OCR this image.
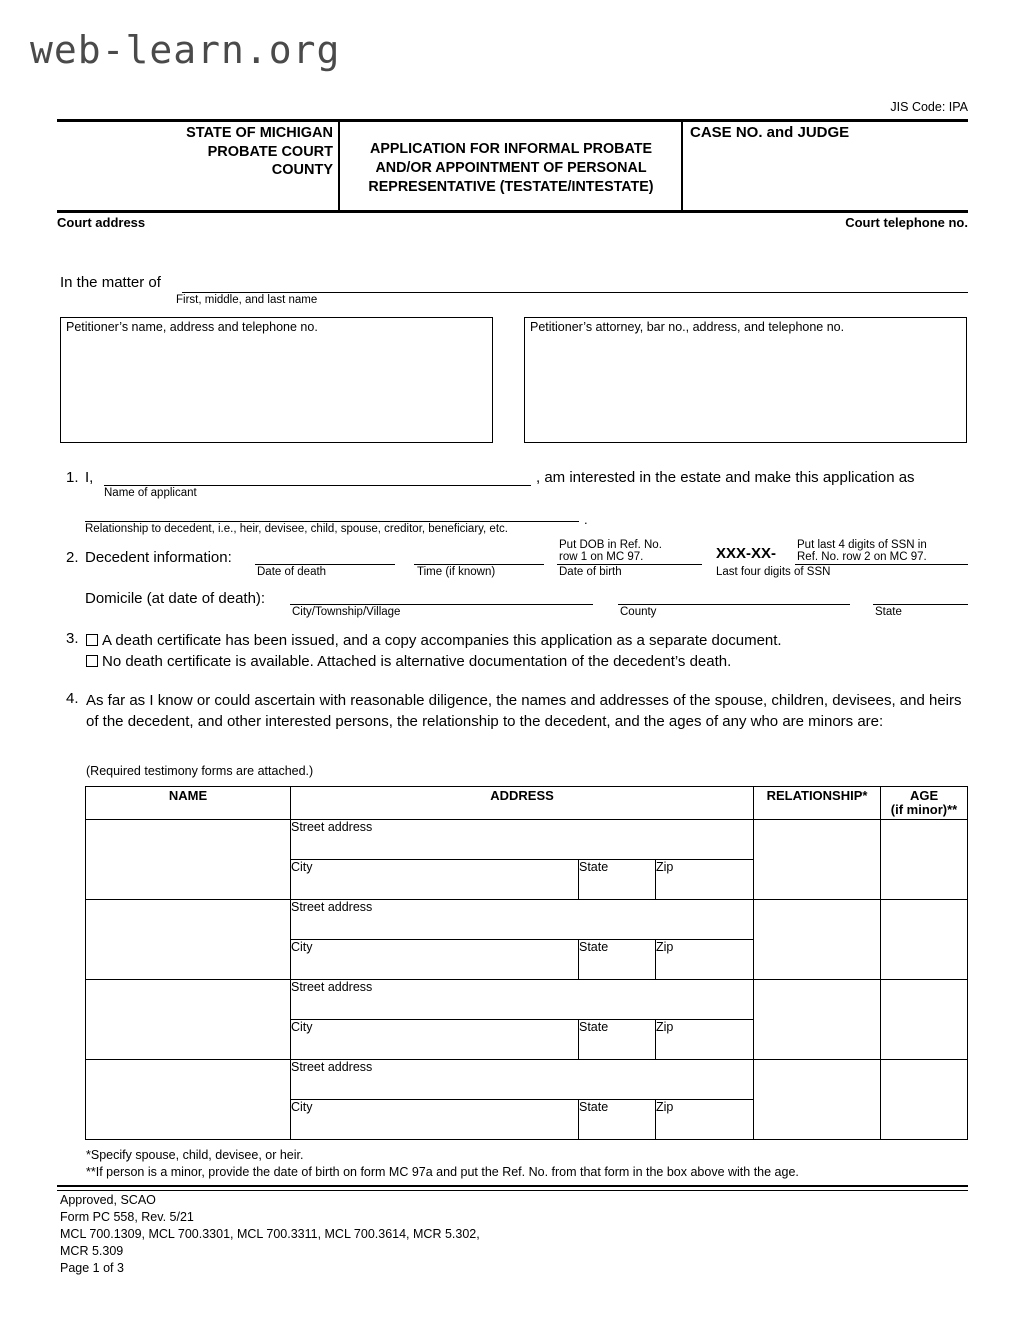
web-learn.org
JIS Code: IPA
STATE OF MICHIGAN
PROBATE COURT
COUNTY
APPLICATION FOR INFORMAL PROBATE AND/OR APPOINTMENT OF PERSONAL REPRESENTATIVE (TESTATE/INTESTATE)
CASE NO. and JUDGE
Court address	Court telephone no.
In the matter of
First, middle, and last name
Petitioner’s name, address and telephone no.	Petitioner’s attorney, bar no., address, and telephone no.
1. I,
Name of applicant
, am interested in the estate and make this application as
.
Relationship to decedent, i.e., heir, devisee, child, spouse, creditor, beneficiary, etc.
2. Decedent information:
Date of death	Time (if known)
Put DOB in Ref. No.
row 1 on MC 97.
Date of birth
XXX-XX- Put last 4 digits of SSN in
Ref. No. row 2 on MC 97.
Last four digits of SSN
Domicile (at date of death):
City/Township/Village	County	State
3.	A death certificate has been issued, and a copy accompanies this application as a separate document.
No death certificate is available. Attached is alternative documentation of the decedent’s death.
4. As far as I know or could ascertain with reasonable diligence, the names and addresses of the spouse, children, devisees, and heirs of the decedent, and other interested persons, the relationship to the decedent, and the ages of any who are minors are:
(Required testimony forms are attached.)
NAME	ADDRESS			RELATIONSHIP*	AGE
(if minor)**
	Street address				
	City	State	Zip		
	Street address				
	City	State	Zip		
	Street address				
	City	State	Zip		
	Street address				
	City	State	Zip		
*Specify spouse, child, devisee, or heir.
**If person is a minor, provide the date of birth on form MC 97a and put the Ref. No. from that form in the box above with the age.
Approved, SCAO
Form PC 558, Rev. 5/21
MCL 700.1309, MCL 700.3301, MCL 700.3311, MCL 700.3614, MCR 5.302,
MCR 5.309
Page 1 of 3
